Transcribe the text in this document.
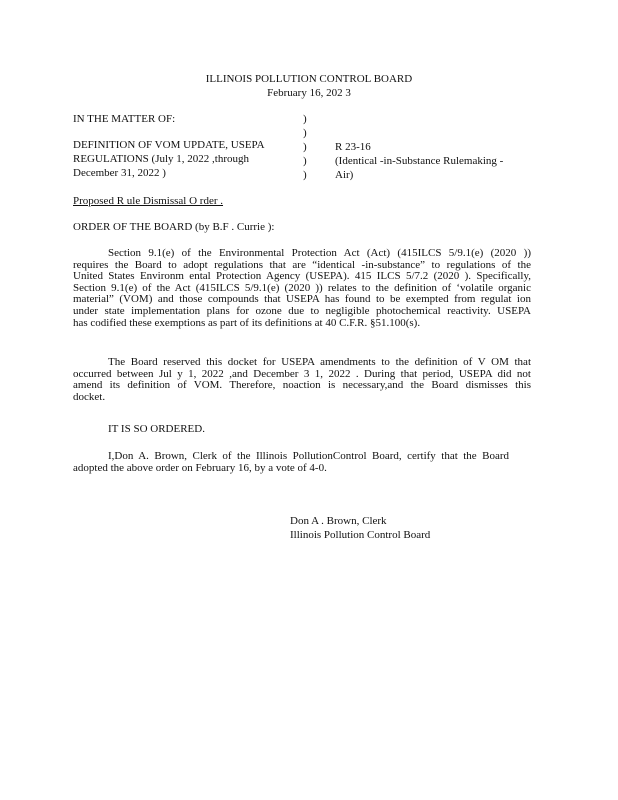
ILLINOIS POLLUTION CONTROL BOARD
February 16, 202 3
IN THE MATTER OF:
DEFINITION OF VOM UPDATE, USEPA
REGULATIONS (July 1, 2022 ,through
December 31, 2022 )
)
)
)
)
)
R 23-16
(Identical -in-Substance Rulemaking -
Air)
Proposed R ule Dismissal O rder .
ORDER OF THE BOARD (by B.F . Currie ):
Section 9.1(e) of the Environmental Protection Act (Act) (415ILCS 5/9.1(e) (2020 ))
requires the Board to adopt regulations that are “identical -in-substance” to regulations of the
United States Environm ental Protection Agency (USEPA). 415 ILCS 5/7.2 (2020 ). Specifically,
Section 9.1(e) of the Act (415ILCS 5/9.1(e) (2020 )) relates to the definition of ‘volatile organic
material” (VOM) and those compounds that USEPA has found to be exempted from regulat ion
under state implementation plans for ozone due to negligible photochemical reactivity. USEPA
has codified these exemptions as part of its definitions at 40 C.F.R. §51.100(s).
The Board reserved this docket for USEPA amendments to the definition of V OM that
occurred between Jul y 1, 2022 ,and December 3 1, 2022 . During that period, USEPA did not
amend its definition of VOM. Therefore, noaction is necessary,and the Board dismisses this
docket.
IT IS SO ORDERED.
I,Don A. Brown, Clerk of the Illinois PollutionControl Board, certify that the Board
adopted the above order on February 16, by a vote of 4-0.
Don A . Brown, Clerk
Illinois Pollution Control Board
